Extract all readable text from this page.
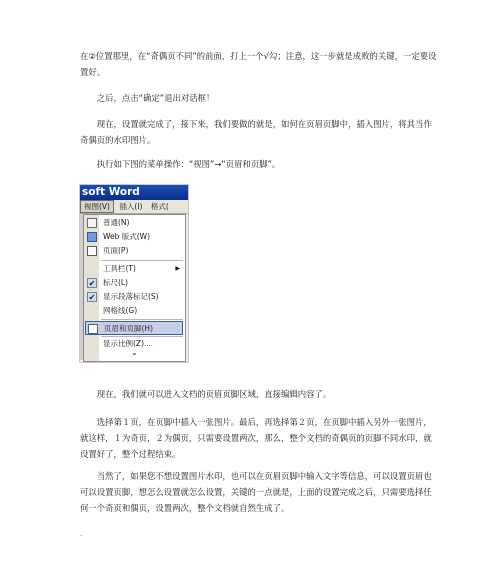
在②位置那里，在“奇偶页不同”的前面，打上一个√勾；注意，这一步就是成败的关键，一定要设置好。

之后，点击“确定”退出对话框！

现在，设置就完成了，接下来，我们要做的就是，如何在页眉页脚中，插入图片，将其当作奇偶页的水印图片。

执行如下图的菜单操作：“视图”→“页眉和页脚”。

soft Word
视图(V) 插入(I) 格式(
普通(N)
Web 版式(W)
页面(P)
工具栏(T)	▶
✔ 标尺(L)
✔ 显示段落标记(S)
网格线(G)
页眉和页脚(H)
显示比例(Z)...
⌄

现在，我们就可以进入文档的页眉页脚区域，直接编辑内容了。

选择第１页，在页脚中插入一张图片。最后，再选择第２页，在页脚中插入另外一张图片，就这样，１为奇页，２为偶页，只需要设置两次，那么，整个文档的奇偶页的页脚不同水印，就设置好了，整个过程结束。

当然了，如果您不想设置图片水印，也可以在页眉页脚中输入文字等信息，可以设置页眉也可以设置页脚，想怎么设置就怎么设置，关键的一点就是，上面的设置完成之后，只需要选择任何一个奇页和偶页，设置两次，整个文档就自然生成了。

.
